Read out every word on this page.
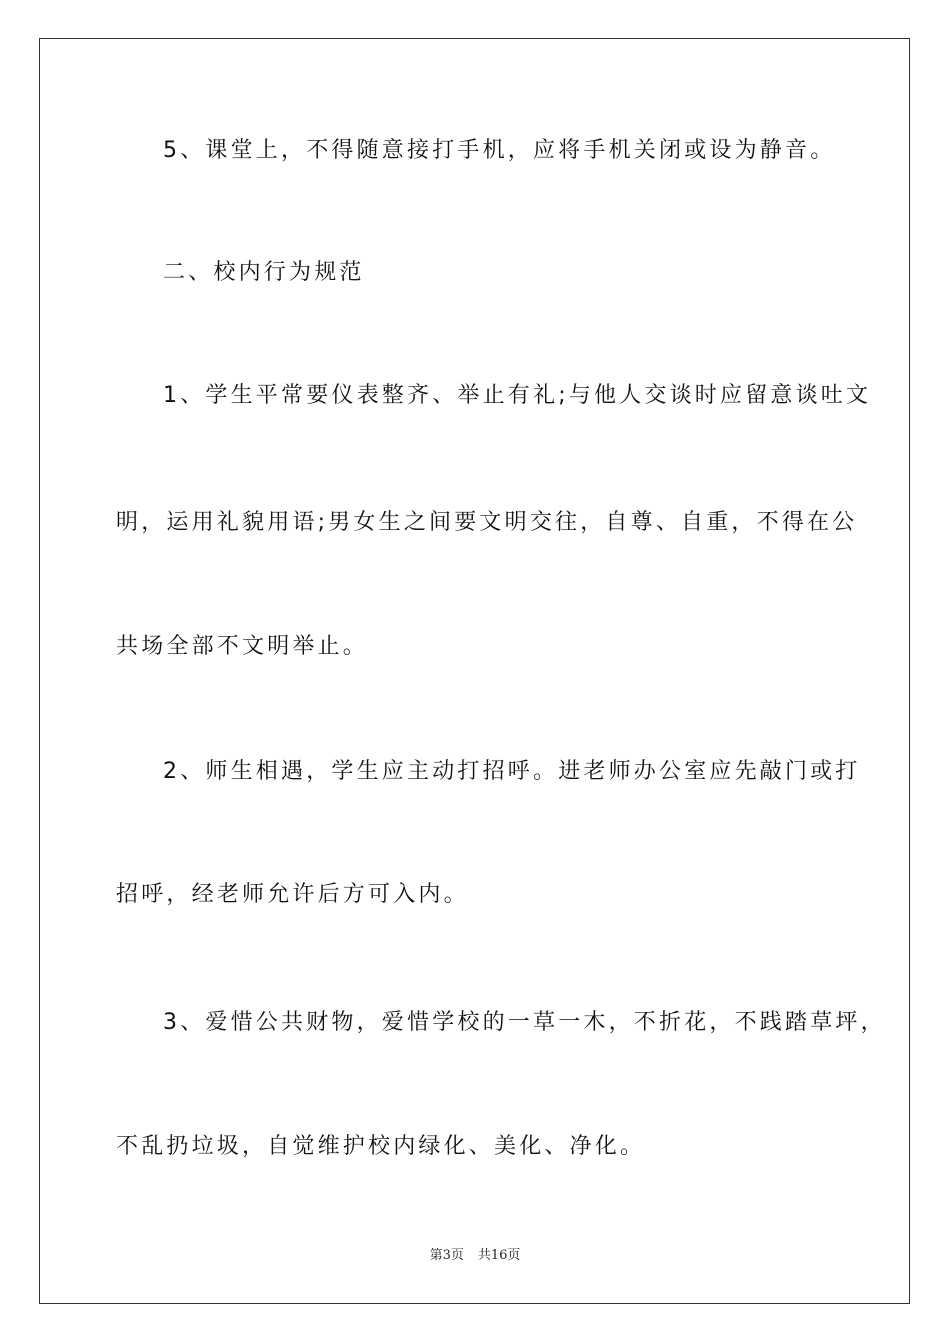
5、课堂上，不得随意接打手机，应将手机关闭或设为静音。
二、校内行为规范
1、学生平常要仪表整齐、举止有礼;与他人交谈时应留意谈吐文
明，运用礼貌用语;男女生之间要文明交往，自尊、自重，不得在公
共场全部不文明举止。
2、师生相遇，学生应主动打招呼。进老师办公室应先敲门或打
招呼，经老师允许后方可入内。
3、爱惜公共财物，爱惜学校的一草一木，不折花，不践踏草坪，
不乱扔垃圾，自觉维护校内绿化、美化、净化。
第3页 共16页
